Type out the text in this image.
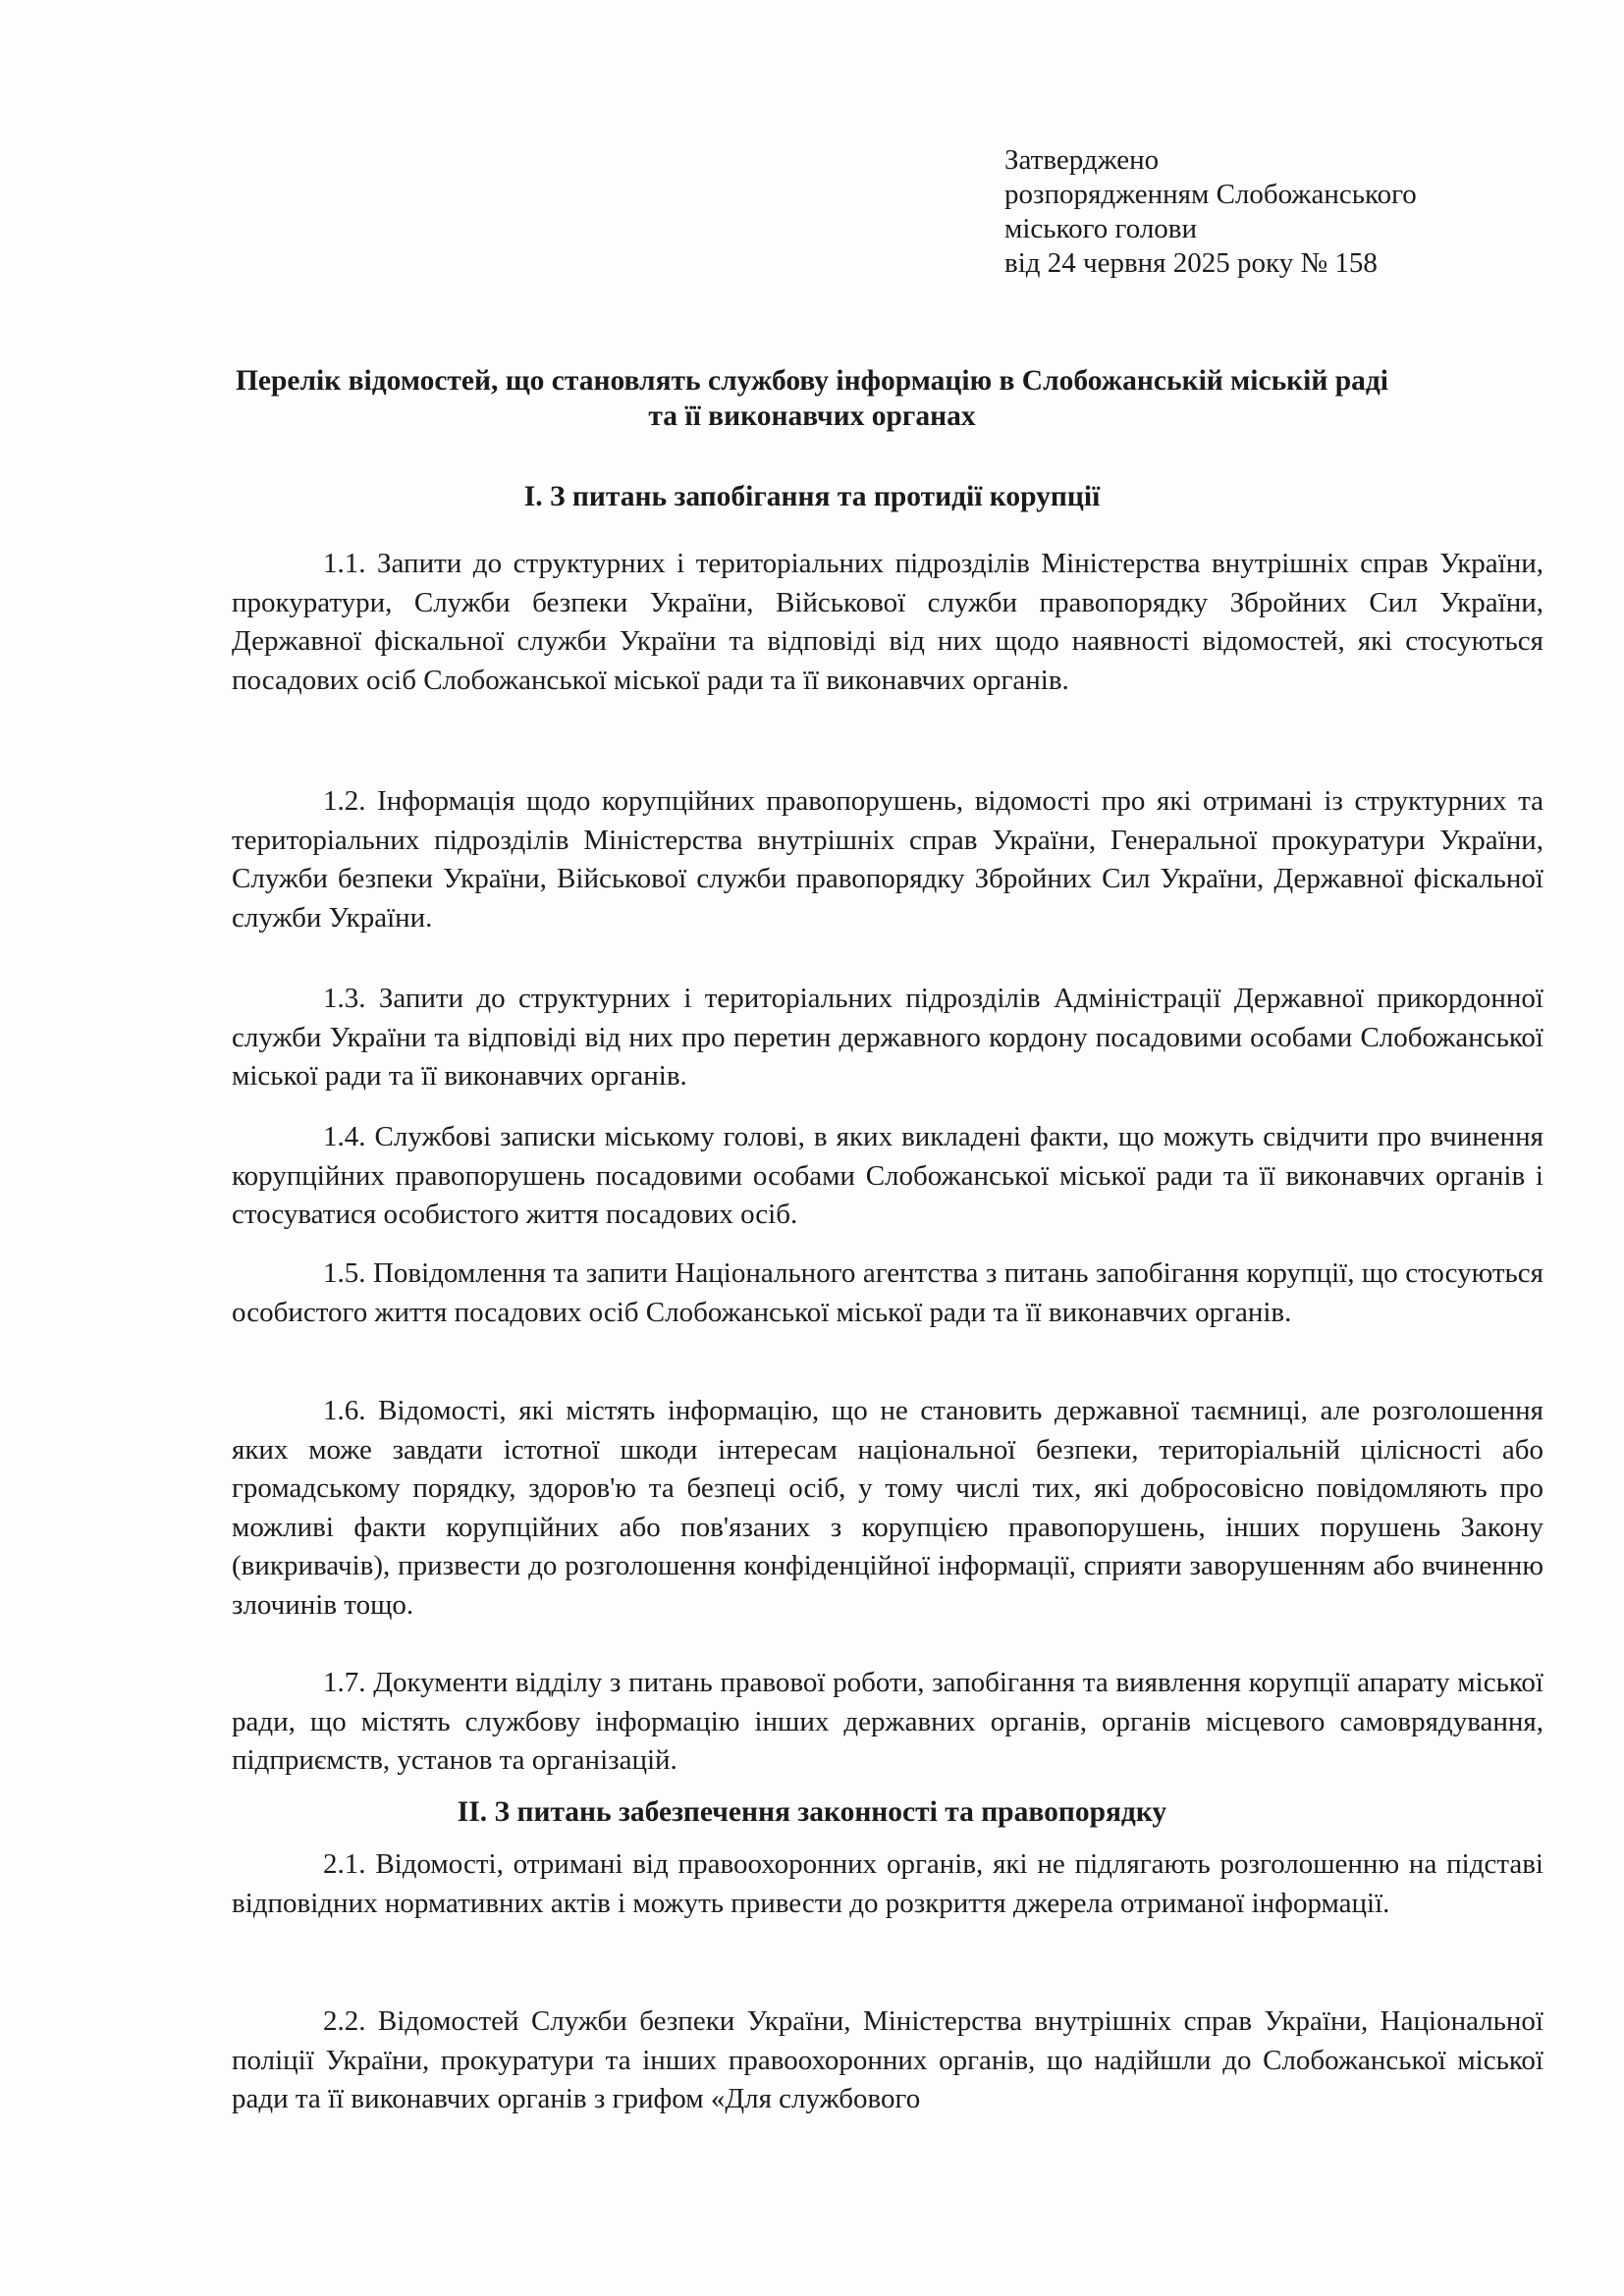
Затверджено
розпорядженням Слобожанського
міського голови
від 24 червня 2025 року № 158
Перелік відомостей, що становлять службову інформацію в Слобожанській міській раді
та її виконавчих органах
І. З питань запобігання та протидії корупції
1.1. Запити до структурних і територіальних підрозділів Міністерства внутрішніх справ України, прокуратури, Служби безпеки України, Військової служби правопорядку Збройних Сил України, Державної фіскальної служби України та відповіді від них щодо наявності відомостей, які стосуються посадових осіб Слобожанської міської ради та її виконавчих органів.
1.2. Інформація щодо корупційних правопорушень, відомості про які отримані із структурних та територіальних підрозділів Міністерства внутрішніх справ України, Генеральної прокуратури України, Служби безпеки України, Військової служби правопорядку Збройних Сил України, Державної фіскальної служби України.
1.3. Запити до структурних і територіальних підрозділів Адміністрації Державної прикордонної служби України та відповіді від них про перетин державного кордону посадовими особами Слобожанської міської ради та її виконавчих органів.
1.4. Службові записки міському голові, в яких викладені факти, що можуть свідчити про вчинення корупційних правопорушень посадовими особами Слобожанської міської ради та її виконавчих органів і стосуватися особистого життя посадових осіб.
1.5. Повідомлення та запити Національного агентства з питань запобігання корупції, що стосуються особистого життя посадових осіб Слобожанської міської ради та її виконавчих органів.
1.6. Відомості, які містять інформацію, що не становить державної таємниці, але розголошення яких може завдати істотної шкоди інтересам національної безпеки, територіальній цілісності або громадському порядку, здоров'ю та безпеці осіб, у тому числі тих, які добросовісно повідомляють про можливі факти корупційних або пов'язаних з корупцією правопорушень, інших порушень Закону (викривачів), призвести до розголошення конфіденційної інформації, сприяти заворушенням або вчиненню злочинів тощо.
1.7. Документи відділу з питань правової роботи, запобігання та виявлення корупції апарату міської ради, що містять службову інформацію інших державних органів, органів місцевого самоврядування, підприємств, установ та організацій.
ІІ. З питань забезпечення законності та правопорядку
2.1. Відомості, отримані від правоохоронних органів, які не підлягають розголошенню на підставі відповідних нормативних актів і можуть привести до розкриття джерела отриманої інформації.
2.2. Відомостей Служби безпеки України, Міністерства внутрішніх справ України, Національної поліції України, прокуратури та інших правоохоронних органів, що надійшли до Слобожанської міської ради та її виконавчих органів з грифом «Для службового
